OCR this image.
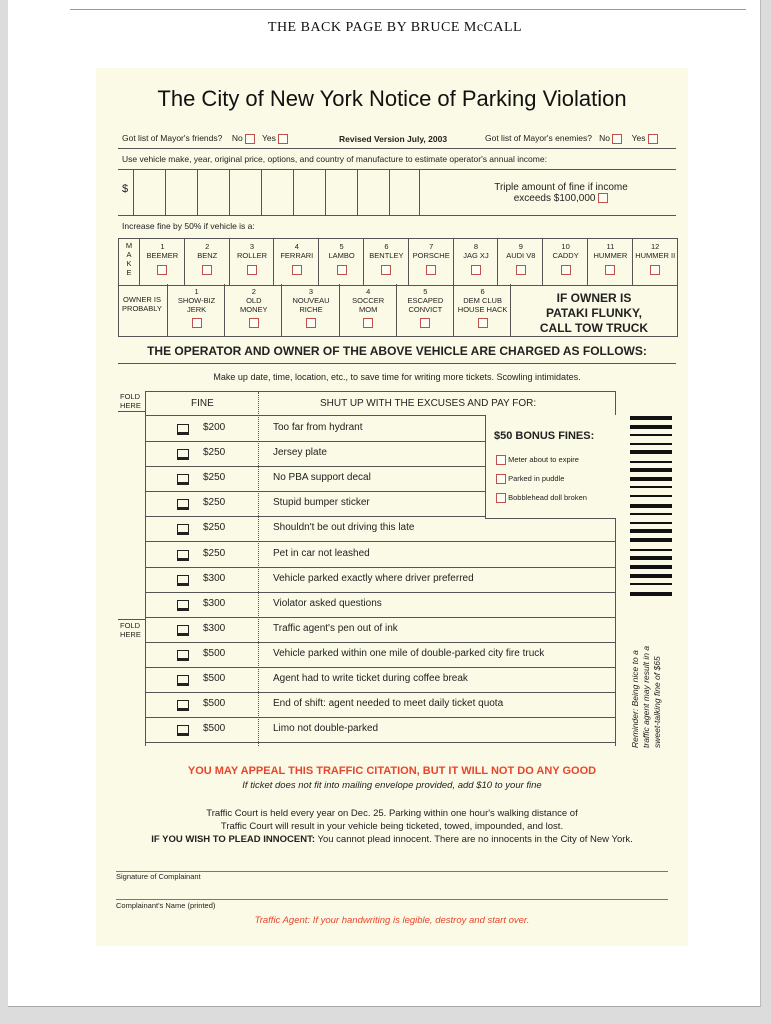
THE BACK PAGE BY BRUCE McCALL
The City of New York Notice of Parking Violation
Got list of Mayor's friends? No Yes	Revised Version July, 2003	Got list of Mayor's enemies? No	Yes
Use vehicle make, year, original price, options, and country of manufacture to estimate operator's annual income:
$	Triple amount of fine if income
exceeds $100,000
Increase fine by 50% if vehicle is a:
M
A
K
E
1
BEEMER
2
BENZ
3
ROLLER
4
FERRARI
5
LAMBO
6
BENTLEY
7
PORSCHE
8
JAG XJ
9
AUDI V8
10
CADDY
11
HUMMER
12
HUMMER II
OWNER IS
PROBABLY
1
SHOW-BIZ
JERK
2
OLD
MONEY
3
NOUVEAU
RICHE
4
SOCCER
MOM
5
ESCAPED
CONVICT
6
DEM CLUB
HOUSE HACK
IF OWNER IS
PATAKI FLUNKY,
CALL TOW TRUCK
THE OPERATOR AND OWNER OF THE ABOVE VEHICLE ARE CHARGED AS FOLLOWS:
Make up date, time, location, etc., to save time for writing more tickets. Scowling intimidates.
FOLD
HERE
FOLD
HERE
FINE	SHUT UP WITH THE EXCUSES AND PAY FOR:
$200	Too far from hydrant
$250	Jersey plate
$250	No PBA support decal
$250	Stupid bumper sticker
$250	Shouldn't be out driving this late
$250	Pet in car not leashed
$300	Vehicle parked exactly where driver preferred
$300	Violator asked questions
$300	Traffic agent's pen out of ink
$500	Vehicle parked within one mile of double-parked city fire truck
$500	Agent had to write ticket during coffee break
$500	End of shift: agent needed to meet daily ticket quota
$500	Limo not double-parked
$50 BONUS FINES:
Meter about to expire
Parked in puddle
Bobblehead doll broken
Reminder: Being nice to a traffic agent may result in a sweet-talking fine of $65
YOU MAY APPEAL THIS TRAFFIC CITATION, BUT IT WILL NOT DO ANY GOOD
If ticket does not fit into mailing envelope provided, add $10 to your fine
Traffic Court is held every year on Dec. 25. Parking within one hour's walking distance of
Traffic Court will result in your vehicle being ticketed, towed, impounded, and lost.
IF YOU WISH TO PLEAD INNOCENT: You cannot plead innocent. There are no innocents in the City of New York.
Signature of Complainant
Complainant's Name (printed)
Traffic Agent: If your handwriting is legible, destroy and start over.
